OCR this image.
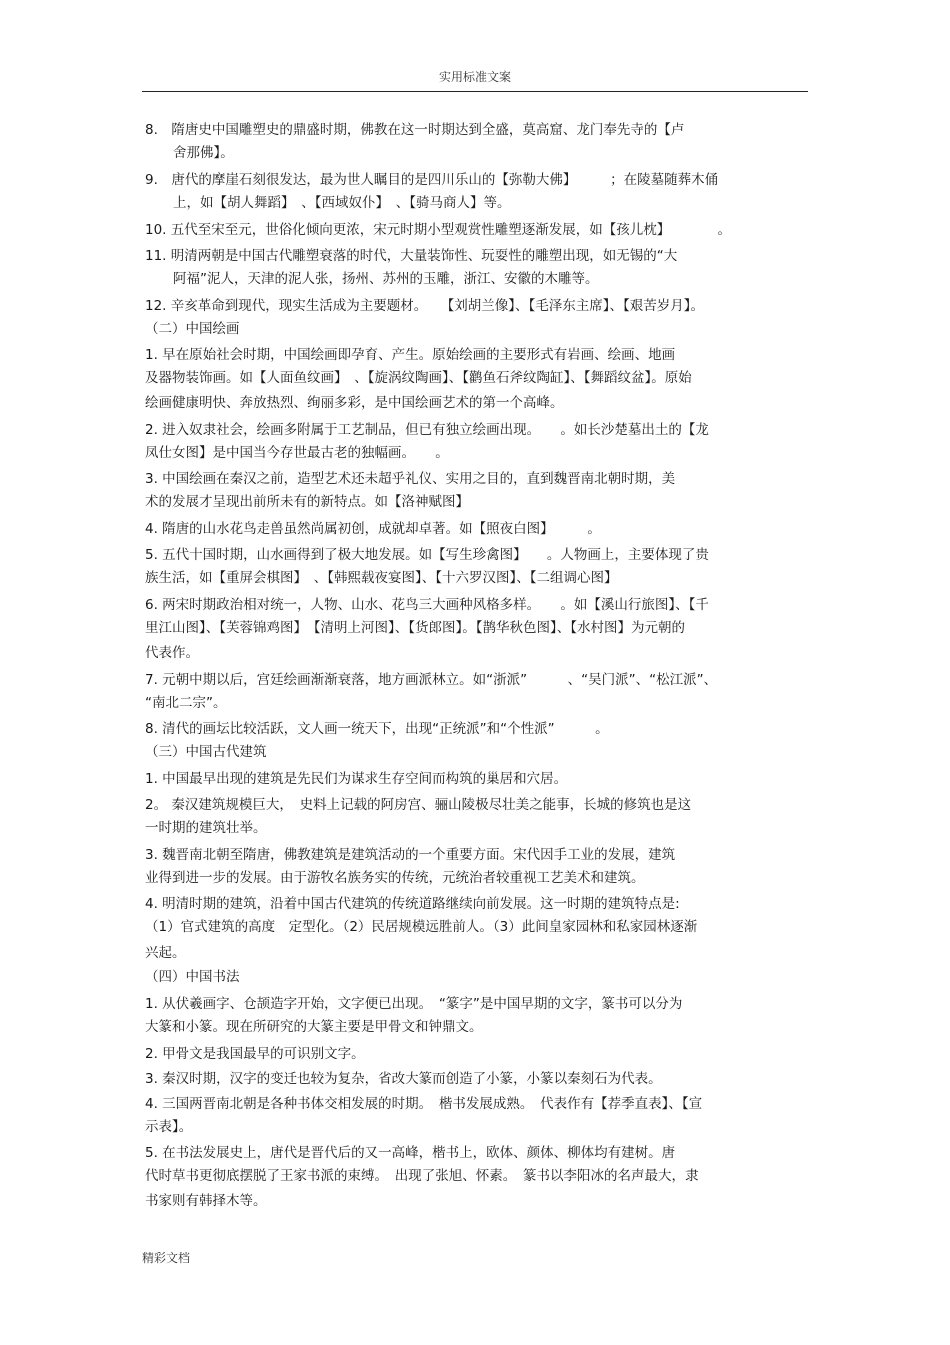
实用标准文案
8.　隋唐史中国雕塑史的鼎盛时期，佛教在这一时期达到全盛，莫高窟、龙门奉先寺的【卢
舍那佛】。
9.　唐代的摩崖石刻很发达，最为世人瞩目的是四川乐山的【弥勒大佛】　　　；在陵墓随葬木俑
上，如【胡人舞蹈】　、【西域奴仆】　、【骑马商人】等。
10. 五代至宋至元，世俗化倾向更浓，宋元时期小型观赏性雕塑逐渐发展，如【孩儿枕】　　　　。
11. 明清两朝是中国古代雕塑衰落的时代，大量装饰性、玩耍性的雕塑出现，如无锡的“大
阿福”泥人，天津的泥人张，扬州、苏州的玉雕，浙江、安徽的木雕等。
12. 辛亥革命到现代，现实生活成为主要题材。　　【刘胡兰像】、【毛泽东主席】、【艰苦岁月】。
（二）中国绘画
1. 早在原始社会时期，中国绘画即孕育、产生。原始绘画的主要形式有岩画、绘画、地画
及器物装饰画。如【人面鱼纹画】　、【旋涡纹陶画】、【鹳鱼石斧纹陶缸】、【舞蹈纹盆】。原始
绘画健康明快、奔放热烈、绚丽多彩，是中国绘画艺术的第一个高峰。
2. 进入奴隶社会，绘画多附属于工艺制品，但已有独立绘画出现。　　。如长沙楚墓出土的【龙
凤仕女图】是中国当今存世最古老的独幅画。　　。
3. 中国绘画在秦汉之前，造型艺术还未超乎礼仪、实用之目的，直到魏晋南北朝时期，美
术的发展才呈现出前所未有的新特点。如【洛神赋图】
4. 隋唐的山水花鸟走兽虽然尚属初创，成就却卓著。如【照夜白图】　　　。
5. 五代十国时期，山水画得到了极大地发展。如【写生珍禽图】　　。人物画上，主要体现了贵
族生活，如【重屏会棋图】　、【韩熙载夜宴图】、【十六罗汉图】、【二组调心图】
6. 两宋时期政治相对统一，人物、山水、花鸟三大画种风格多样。　　。如【溪山行旅图】、【千
里江山图】、【芙蓉锦鸡图】　【清明上河图】、【货郎图】。【鹊华秋色图】、【水村图】为元朝的
代表作。
7. 元朝中期以后，宫廷绘画渐渐衰落，地方画派林立。如“浙派”　　　、“吴门派”、“松江派”、
“南北二宗”。
8. 清代的画坛比较活跃，文人画一统天下，出现“正统派”和“个性派”　　　。
（三）中国古代建筑
1. 中国最早出现的建筑是先民们为谋求生存空间而构筑的巢居和穴居。
2。 秦汉建筑规模巨大，　史料上记载的阿房宫、骊山陵极尽壮美之能事，长城的修筑也是这
一时期的建筑壮举。
3. 魏晋南北朝至隋唐，佛教建筑是建筑活动的一个重要方面。宋代因手工业的发展，建筑
业得到进一步的发展。由于游牧名族务实的传统，元统治者较重视工艺美术和建筑。
4. 明清时期的建筑，沿着中国古代建筑的传统道路继续向前发展。这一时期的建筑特点是:
（1）官式建筑的高度　定型化。（2）民居规模远胜前人。（3）此间皇家园林和私家园林逐渐
兴起。
（四）中国书法
1. 从伏羲画字、仓颉造字开始，文字便已出现。　“篆字”是中国早期的文字，篆书可以分为
大篆和小篆。现在所研究的大篆主要是甲骨文和钟鼎文。
2. 甲骨文是我国最早的可识别文字。
3. 秦汉时期，汉字的变迁也较为复杂，省改大篆而创造了小篆，小篆以秦刻石为代表。
4. 三国两晋南北朝是各种书体交相发展的时期。　楷书发展成熟。　代表作有【荐季直表】、【宣
示表】。
5. 在书法发展史上，唐代是晋代后的又一高峰，楷书上，欧体、颜体、柳体均有建树。唐
代时草书更彻底摆脱了王家书派的束缚。　出现了张旭、怀素。　篆书以李阳冰的名声最大，隶
书家则有韩择木等。
精彩文档
